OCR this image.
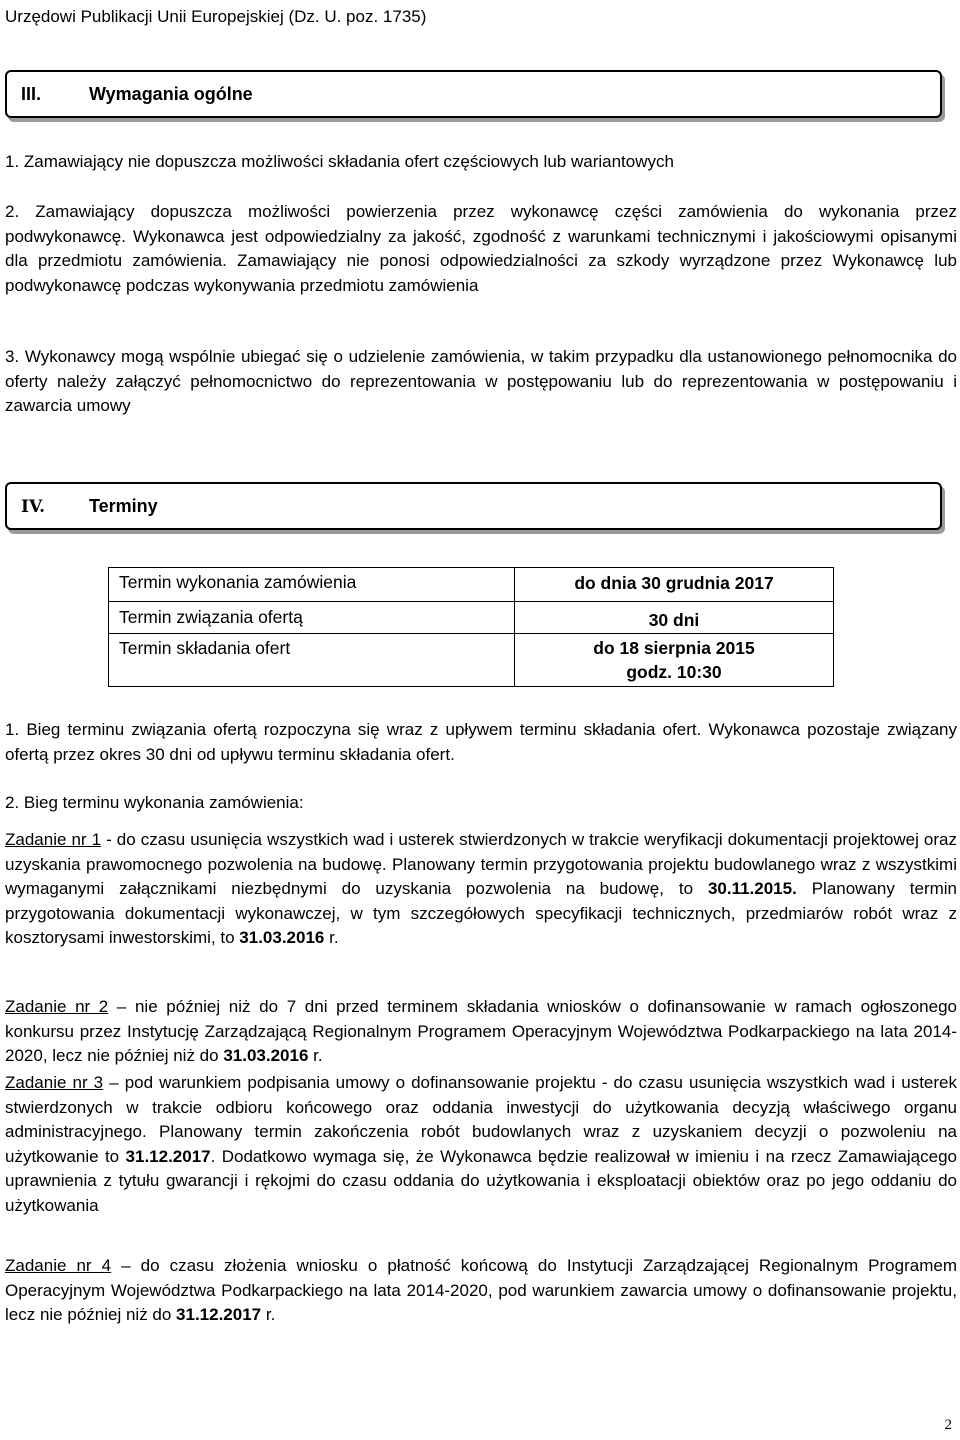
Urzędowi Publikacji Unii Europejskiej (Dz. U. poz. 1735)
III.	Wymagania ogólne
1. Zamawiający nie dopuszcza możliwości składania ofert częściowych lub wariantowych
2. Zamawiający dopuszcza możliwości powierzenia przez wykonawcę części zamówienia do wykonania przez podwykonawcę. Wykonawca jest odpowiedzialny za jakość, zgodność z warunkami technicznymi i jakościowymi opisanymi dla przedmiotu zamówienia. Zamawiający nie ponosi odpowiedzialności za szkody wyrządzone przez Wykonawcę lub podwykonawcę podczas wykonywania przedmiotu zamówienia
3. Wykonawcy mogą wspólnie ubiegać się o udzielenie zamówienia, w takim przypadku dla ustanowionego pełnomocnika do oferty należy załączyć pełnomocnictwo do reprezentowania w postępowaniu lub do reprezentowania w postępowaniu i zawarcia umowy
IV. Terminy
Termin wykonania zamówienia	do dnia 30 grudnia 2017
Termin związania ofertą	30 dni
Termin składania ofert	do 18 sierpnia 2015
godz. 10:30
1. Bieg terminu związania ofertą rozpoczyna się wraz z upływem terminu składania ofert. Wykonawca pozostaje związany ofertą przez okres 30 dni od upływu terminu składania ofert.
2. Bieg terminu wykonania zamówienia:
Zadanie nr 1 - do czasu usunięcia wszystkich wad i usterek stwierdzonych w trakcie weryfikacji dokumentacji projektowej oraz uzyskania prawomocnego pozwolenia na budowę. Planowany termin przygotowania projektu budowlanego wraz z wszystkimi wymaganymi załącznikami niezbędnymi do uzyskania pozwolenia na budowę, to 30.11.2015. Planowany termin przygotowania dokumentacji wykonawczej, w tym szczegółowych specyfikacji technicznych, przedmiarów robót wraz z kosztorysami inwestorskimi, to 31.03.2016 r.
Zadanie nr 2 – nie później niż do 7 dni przed terminem składania wniosków o dofinansowanie w ramach ogłoszonego konkursu przez Instytucję Zarządzającą Regionalnym Programem Operacyjnym Województwa Podkarpackiego na lata 2014-2020, lecz nie później niż do 31.03.2016 r.
Zadanie nr 3 – pod warunkiem podpisania umowy o dofinansowanie projektu - do czasu usunięcia wszystkich wad i usterek stwierdzonych w trakcie odbioru końcowego oraz oddania inwestycji do użytkowania decyzją właściwego organu administracyjnego. Planowany termin zakończenia robót budowlanych wraz z uzyskaniem decyzji o pozwoleniu na użytkowanie to 31.12.2017. Dodatkowo wymaga się, że Wykonawca będzie realizował w imieniu i na rzecz Zamawiającego uprawnienia z tytułu gwarancji i rękojmi do czasu oddania do użytkowania i eksploatacji obiektów oraz po jego oddaniu do użytkowania
Zadanie nr 4 – do czasu złożenia wniosku o płatność końcową do Instytucji Zarządzającej Regionalnym Programem Operacyjnym Województwa Podkarpackiego na lata 2014-2020, pod warunkiem zawarcia umowy o dofinansowanie projektu, lecz nie później niż do 31.12.2017 r.
2
